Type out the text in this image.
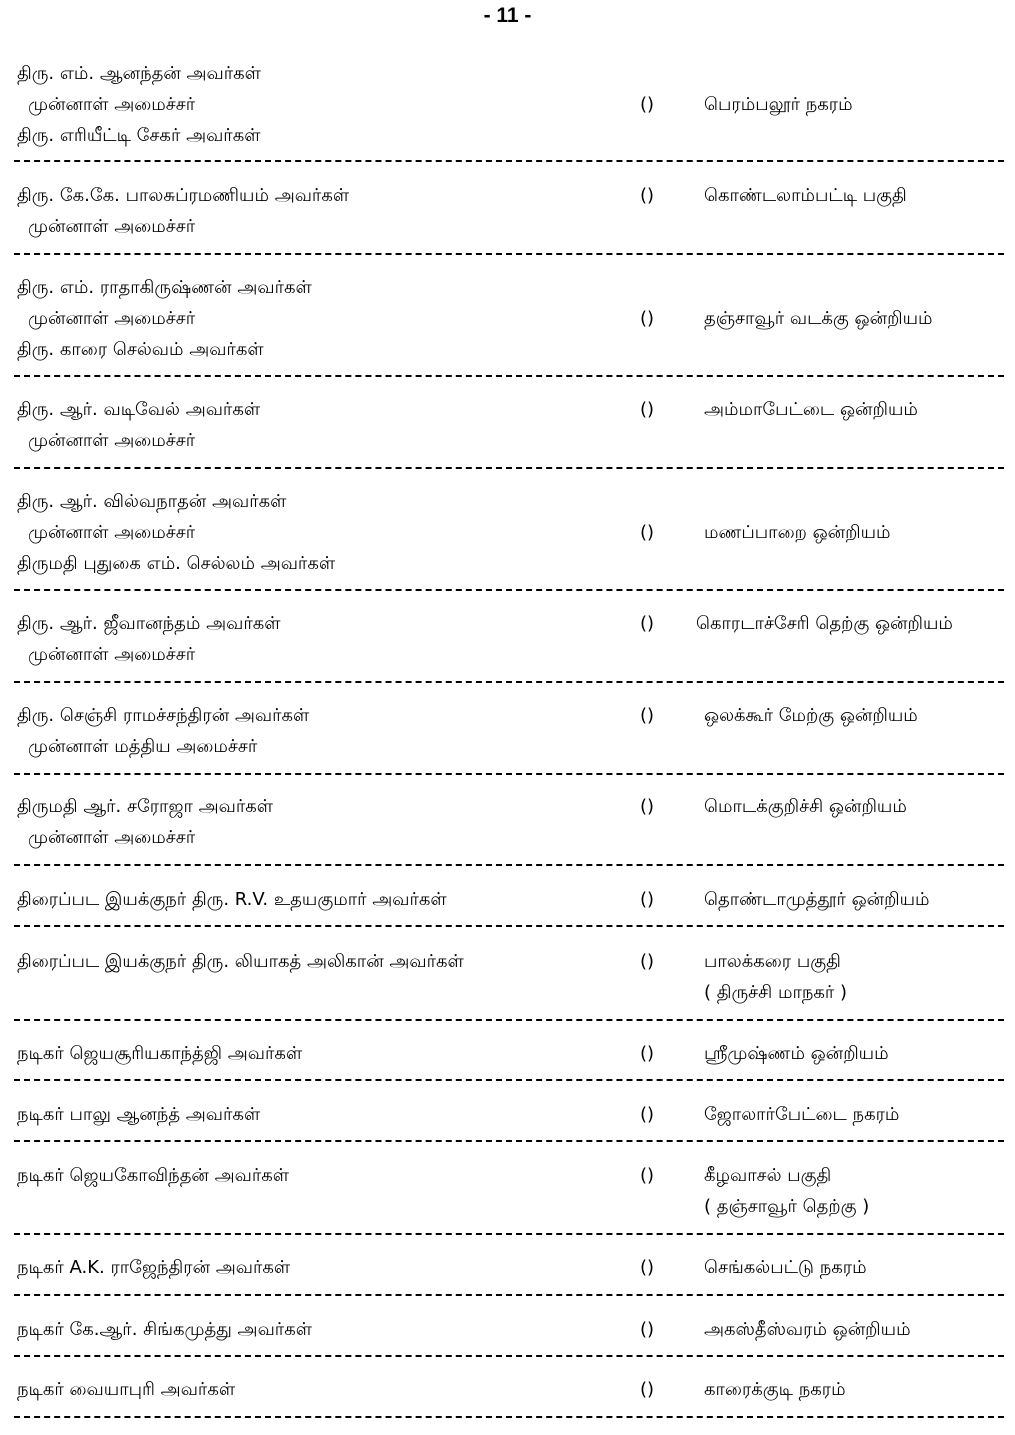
- 11 -
திரு. எம். ஆனந்தன் அவர்கள்
முன்னாள் அமைச்சர்
திரு. எரியீட்டி சேகர் அவர்கள்
()	பெரம்பலூர் நகரம்
திரு. கே.கே. பாலசுப்ரமணியம் அவர்கள்
முன்னாள் அமைச்சர்
()	கொண்டலாம்பட்டி பகுதி
திரு. எம். ராதாகிருஷ்ணன் அவர்கள்
முன்னாள் அமைச்சர்
திரு. காரை செல்வம் அவர்கள்
()	தஞ்சாவூர் வடக்கு ஒன்றியம்
திரு. ஆர். வடிவேல் அவர்கள்
முன்னாள் அமைச்சர்
()	அம்மாபேட்டை ஒன்றியம்
திரு. ஆர். வில்வநாதன் அவர்கள்
முன்னாள் அமைச்சர்
திருமதி புதுகை எம். செல்லம் அவர்கள்
()	மணப்பாறை ஒன்றியம்
திரு. ஆர். ஜீவானந்தம் அவர்கள்
முன்னாள் அமைச்சர்
() கொரடாச்சேரி தெற்கு ஒன்றியம்
திரு. செஞ்சி ராமச்சந்திரன் அவர்கள்
முன்னாள் மத்திய அமைச்சர்
()	ஒலக்கூர் மேற்கு ஒன்றியம்
திருமதி ஆர். சரோஜா அவர்கள்
முன்னாள் அமைச்சர்
()	மொடக்குறிச்சி ஒன்றியம்
திரைப்பட இயக்குநர் திரு. R.V. உதயகுமார் அவர்கள்	()	தொண்டாமுத்தூர் ஒன்றியம்
திரைப்பட இயக்குநர் திரு. லியாகத் அலிகான் அவர்கள்	()	பாலக்கரை பகுதி
( திருச்சி மாநகர் )
நடிகர் ஜெயசூரியகாந்த்ஜி அவர்கள்	()	ஸ்ரீமுஷ்ணம் ஒன்றியம்
நடிகர் பாலு ஆனந்த் அவர்கள்	()	ஜோலார்பேட்டை நகரம்
நடிகர் ஜெயகோவிந்தன் அவர்கள்	()	கீழவாசல் பகுதி
( தஞ்சாவூர் தெற்கு )
நடிகர் A.K. ராஜேந்திரன் அவர்கள்	()	செங்கல்பட்டு நகரம்
நடிகர் கே.ஆர். சிங்கமுத்து அவர்கள்	()	அகஸ்தீஸ்வரம் ஒன்றியம்
நடிகர் வையாபுரி அவர்கள்	()	காரைக்குடி நகரம்
